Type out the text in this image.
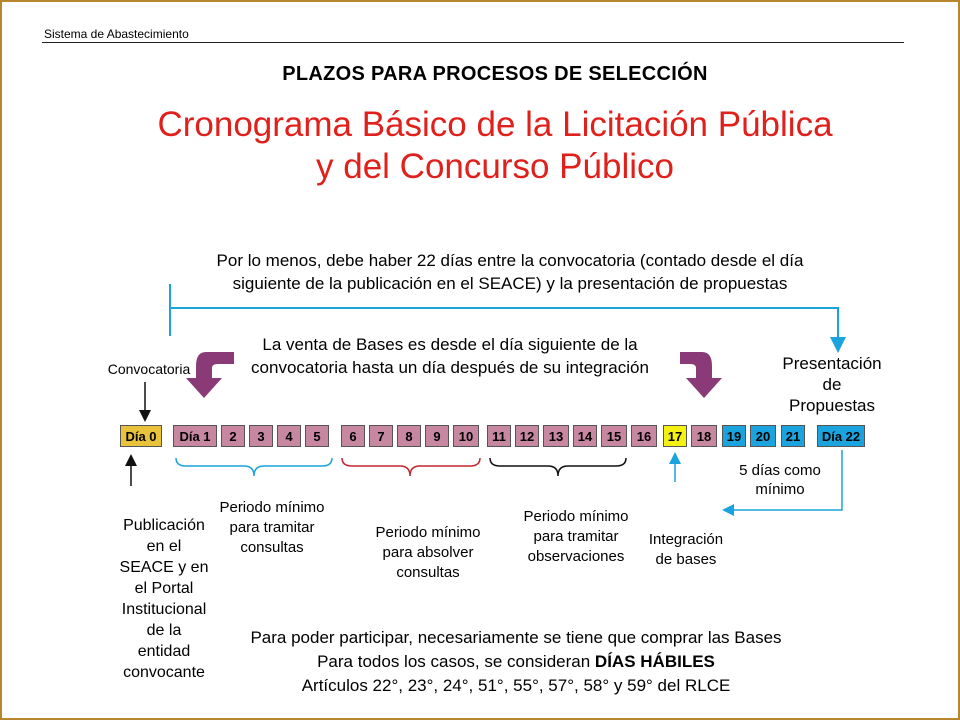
Sistema de Abastecimiento
PLAZOS PARA PROCESOS DE SELECCIÓN
Cronograma Básico de la Licitación Pública
y del Concurso Público
Por lo menos, debe haber 22 días entre la convocatoria (contado desde el día
siguiente de la publicación en el SEACE) y la presentación de propuestas
La venta de Bases es desde el día siguiente de la
convocatoria hasta un día después de su integración
Convocatoria	Presentación
de
Propuestas
Día 0	Día 1	2	3	4	5	6	7	8	9	10	11	12	13	14	15	16	17	18	19	20	21	Día 22
5 días como
mínimo
Periodo mínimo
para tramitar
consultas
Periodo mínimo
para absolver
consultas
Periodo mínimo
para tramitar
observaciones
Integración
de bases
Publicación
en el
SEACE y en
el Portal
Institucional
de la
entidad
convocante
Para poder participar, necesariamente se tiene que comprar las Bases
Para todos los casos, se consideran DÍAS HÁBILES
Artículos 22°, 23°, 24°, 51°, 55°, 57°, 58° y 59° del RLCE
